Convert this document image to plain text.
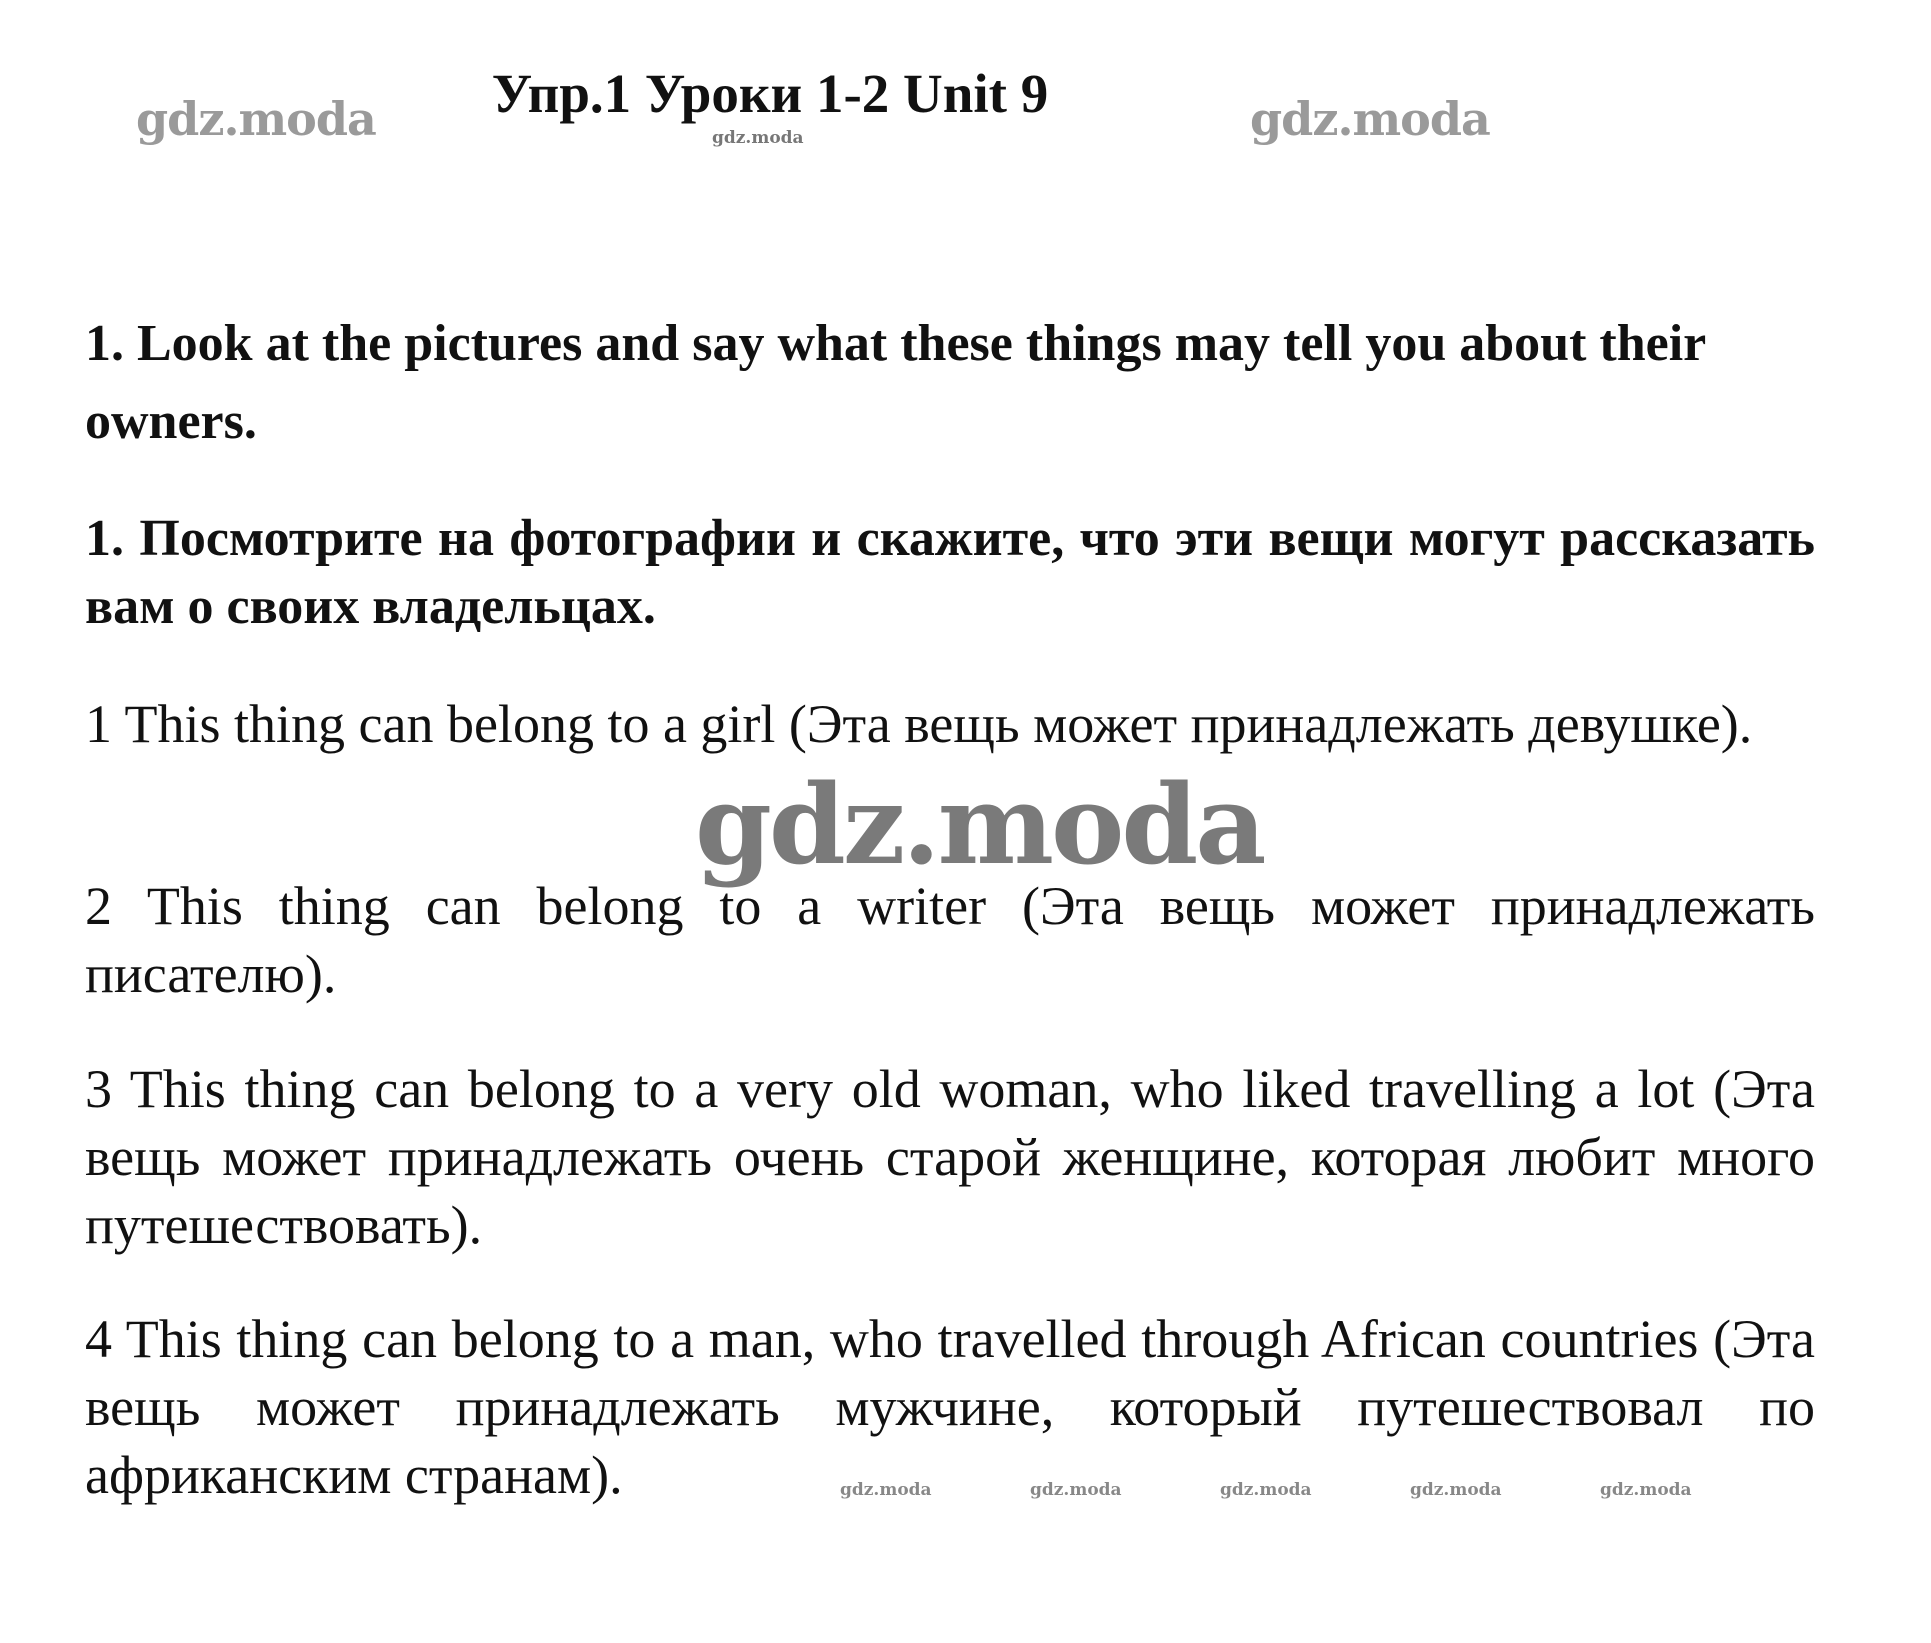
Упр.1 Уроки 1-2 Unit 9
gdz.moda	gdz.moda
gdz.moda

1. Look at the pictures and say what these things may tell you about their owners.

1. Посмотрите на фотографии и скажите, что эти вещи могут рассказать вам о своих владельцах.

1 This thing can belong to a girl (Эта вещь может принадлежать девушке).

2 This thing can belong to a writer (Эта вещь может принадлежать писателю).

3 This thing can belong to a very old woman, who liked travelling a lot (Эта вещь может принадлежать очень старой женщине, которая любит много путешествовать).

4 This thing can belong to a man, who travelled through African countries (Эта вещь может принадлежать мужчине, который путешествовал по африканским странам).

gdz.moda
gdz.moda	gdz.moda	gdz.moda	gdz.moda	gdz.moda
